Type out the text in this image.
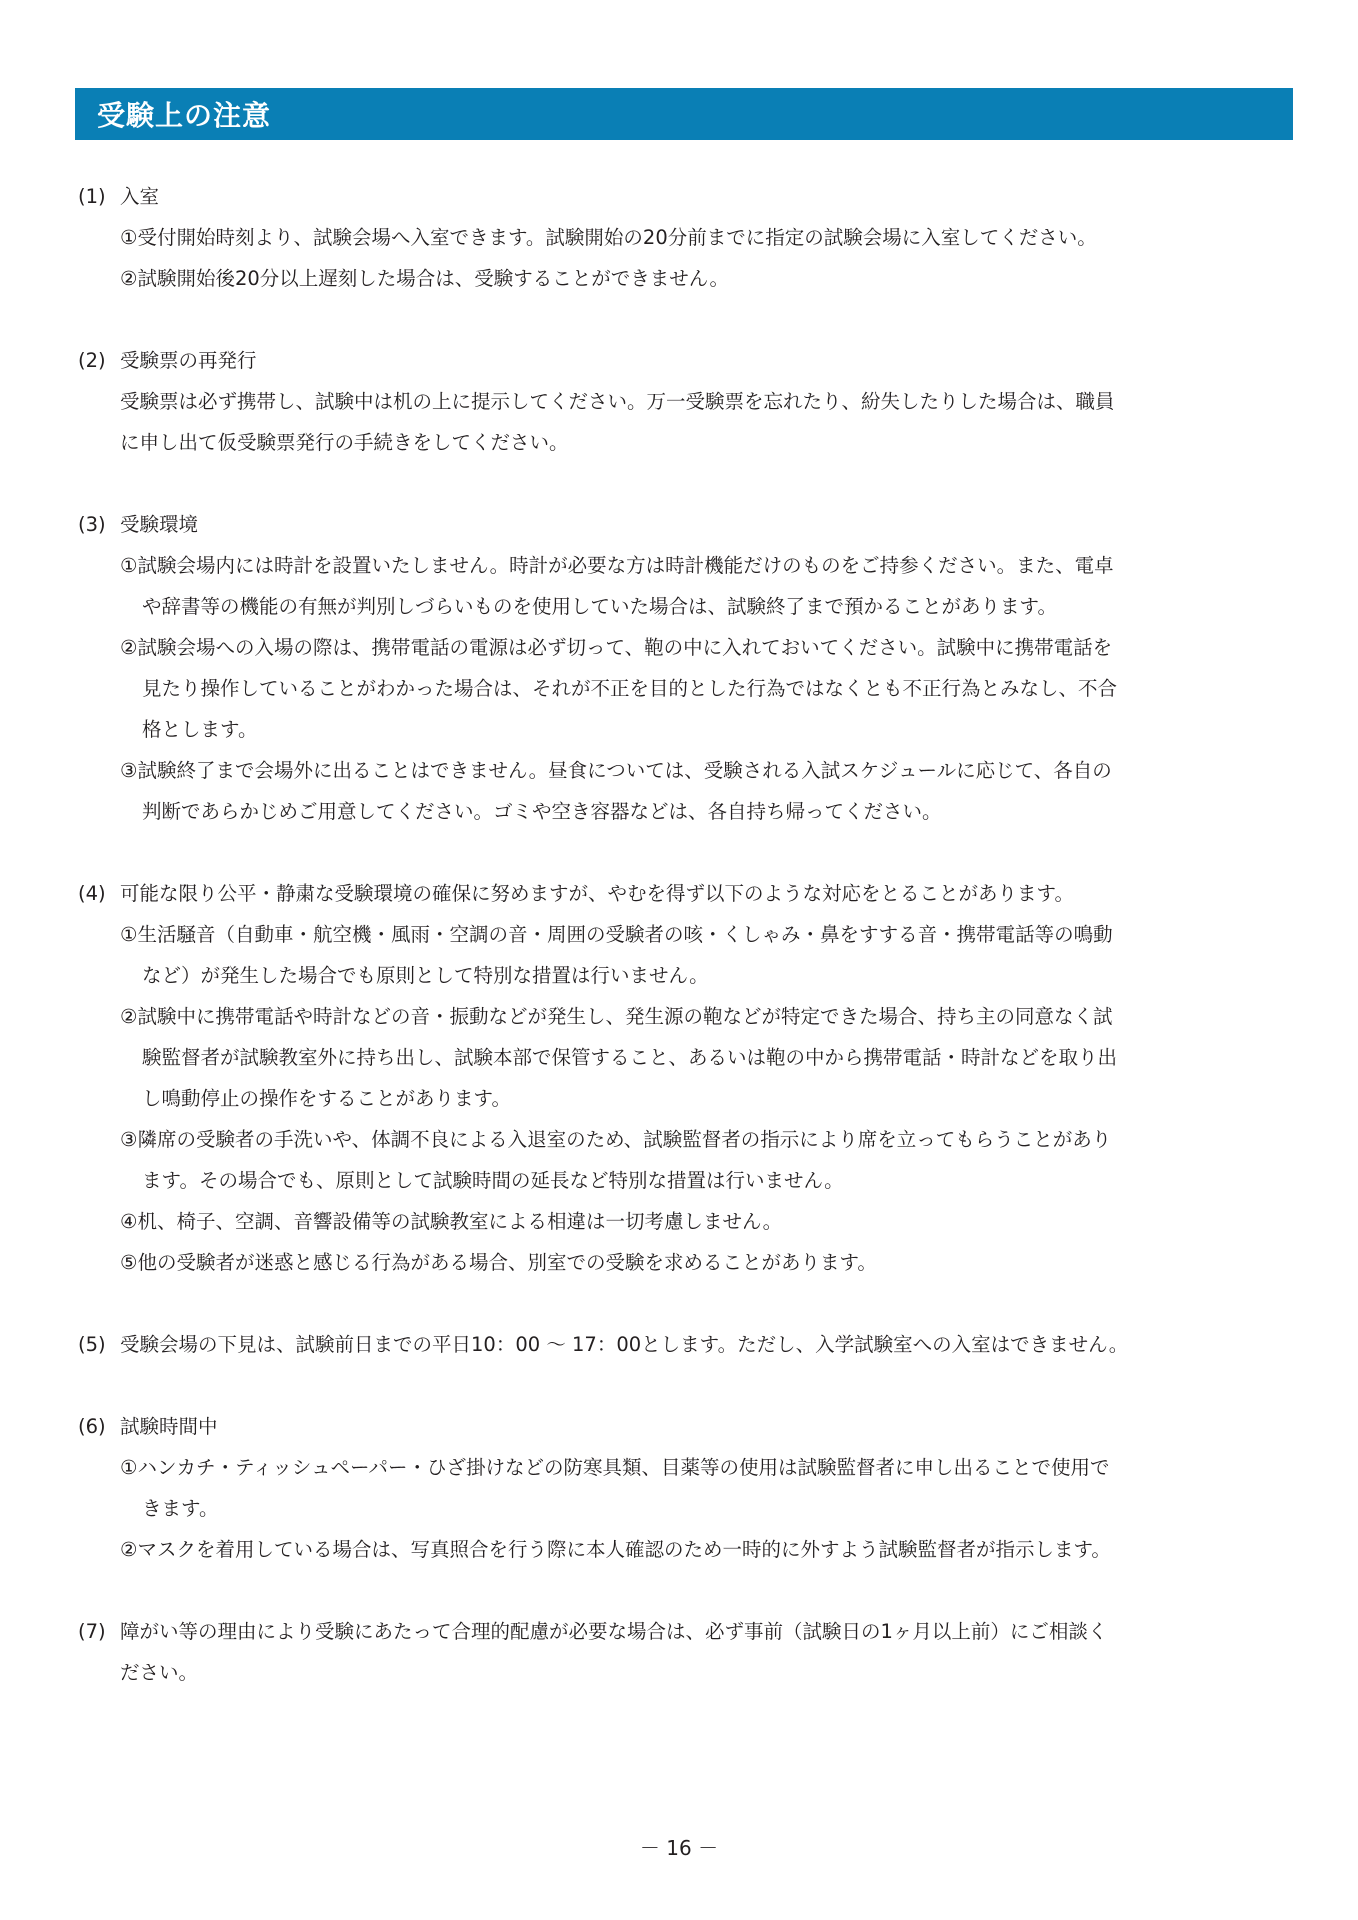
受験上の注意
(1) 入室
①受付開始時刻より、試験会場へ入室できます。試験開始の20分前までに指定の試験会場に入室してください。
②試験開始後20分以上遅刻した場合は、受験することができません。
(2) 受験票の再発行
受験票は必ず携帯し、試験中は机の上に提示してください。万一受験票を忘れたり、紛失したりした場合は、職員
に申し出て仮受験票発行の手続きをしてください。
(3) 受験環境
①試験会場内には時計を設置いたしません。時計が必要な方は時計機能だけのものをご持参ください。また、電卓
や辞書等の機能の有無が判別しづらいものを使用していた場合は、試験終了まで預かることがあります。
②試験会場への入場の際は、携帯電話の電源は必ず切って、鞄の中に入れておいてください。試験中に携帯電話を
見たり操作していることがわかった場合は、それが不正を目的とした行為ではなくとも不正行為とみなし、不合
格とします。
③試験終了まで会場外に出ることはできません。昼食については、受験される入試スケジュールに応じて、各自の
判断であらかじめご用意してください。ゴミや空き容器などは、各自持ち帰ってください。
(4) 可能な限り公平・静粛な受験環境の確保に努めますが、やむを得ず以下のような対応をとることがあります。
①生活騒音（自動車・航空機・風雨・空調の音・周囲の受験者の咳・くしゃみ・鼻をすする音・携帯電話等の鳴動
など）が発生した場合でも原則として特別な措置は行いません。
②試験中に携帯電話や時計などの音・振動などが発生し、発生源の鞄などが特定できた場合、持ち主の同意なく試
験監督者が試験教室外に持ち出し、試験本部で保管すること、あるいは鞄の中から携帯電話・時計などを取り出
し鳴動停止の操作をすることがあります。
③隣席の受験者の手洗いや、体調不良による入退室のため、試験監督者の指示により席を立ってもらうことがあり
ます。その場合でも、原則として試験時間の延長など特別な措置は行いません。
④机、椅子、空調、音響設備等の試験教室による相違は一切考慮しません。
⑤他の受験者が迷惑と感じる行為がある場合、別室での受験を求めることがあります。
(5) 受験会場の下見は、試験前日までの平日10：00 ～ 17：00とします。ただし、入学試験室への入室はできません。
(6) 試験時間中
①ハンカチ・ティッシュペーパー・ひざ掛けなどの防寒具類、目薬等の使用は試験監督者に申し出ることで使用で
きます。
②マスクを着用している場合は、写真照合を行う際に本人確認のため一時的に外すよう試験監督者が指示します。
(7) 障がい等の理由により受験にあたって合理的配慮が必要な場合は、必ず事前（試験日の1ヶ月以上前）にご相談く
ださい。
－ 16 －
